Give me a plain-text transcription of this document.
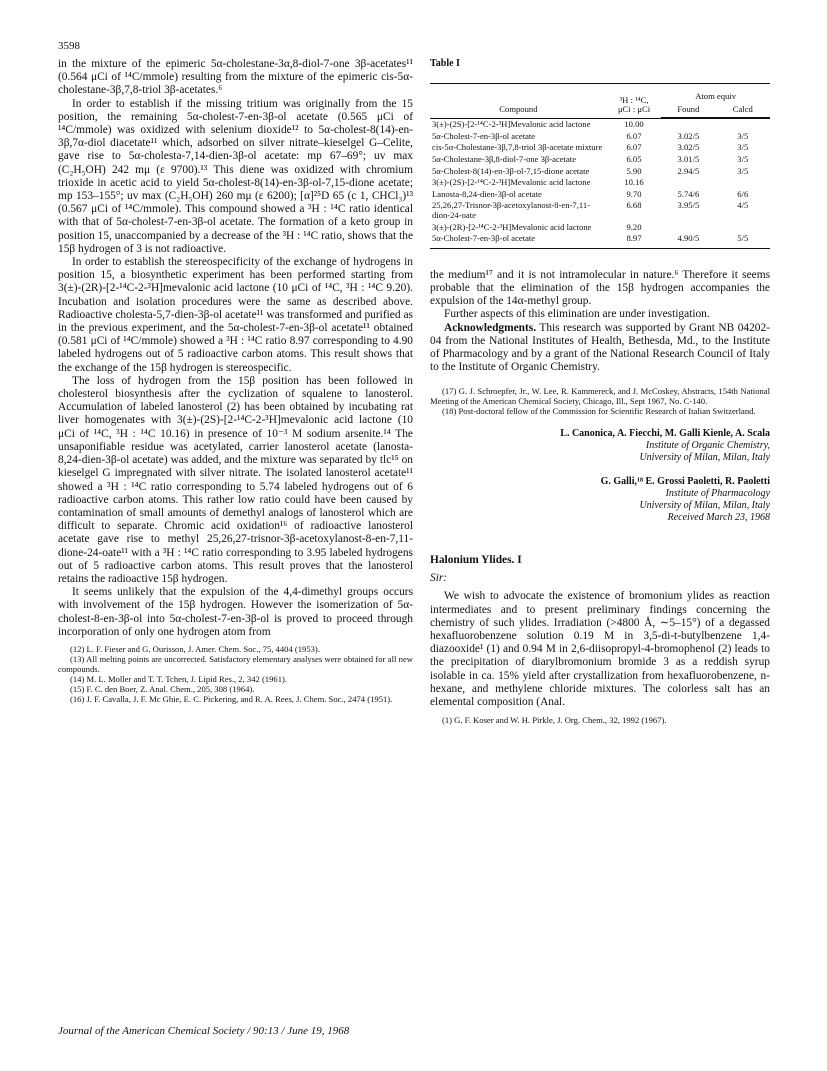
3598

in the mixture of the epimeric 5α-cholestane-3α,8-diol-7-one 3β-acetates¹¹ (0.564 μCi of ¹⁴C/mmole) resulting from the mixture of the epimeric cis-5α-cholestane-3β,7,8-triol 3β-acetates.⁶

In order to establish if the missing tritium was originally from the 15 position, the remaining 5α-cholest-7-en-3β-ol acetate (0.565 μCi of ¹⁴C/mmole) was oxidized with selenium dioxide¹² to 5α-cholest-8(14)-en-3β,7α-diol diacetate¹¹ which, adsorbed on silver nitrate–kieselgel G–Celite, gave rise to 5α-cholesta-7,14-dien-3β-ol acetate: mp 67–69°; uv max (C₂H₅OH) 242 mμ (ε 9700).¹³ This diene was oxidized with chromium trioxide in acetic acid to yield 5α-cholest-8(14)-en-3β-ol-7,15-dione acetate; mp 153–155°; uv max (C₂H₅OH) 260 mμ (ε 6200); [α]²⁵D 65 (c 1, CHCl₃)¹³ (0.567 μCi of ¹⁴C/mmole). This compound showed a ³H : ¹⁴C ratio identical with that of 5α-cholest-7-en-3β-ol acetate. The formation of a keto group in position 15, unaccompanied by a decrease of the ³H : ¹⁴C ratio, shows that the 15β hydrogen of 3 is not radioactive.

In order to establish the stereospecificity of the exchange of hydrogens in position 15, a biosynthetic experiment has been performed starting from 3(±)-(2R)-[2-¹⁴C-2-³H]mevalonic acid lactone (10 μCi of ¹⁴C, ³H : ¹⁴C 9.20). Incubation and isolation procedures were the same as described above. Radioactive cholesta-5,7-dien-3β-ol acetate¹¹ was transformed and purified as in the previous experiment, and the 5α-cholest-7-en-3β-ol acetate¹¹ obtained (0.581 μCi of ¹⁴C/mmole) showed a ³H : ¹⁴C ratio 8.97 corresponding to 4.90 labeled hydrogens out of 5 radioactive carbon atoms. This result shows that the exchange of the 15β hydrogen is stereospecific.

The loss of hydrogen from the 15β position has been followed in cholesterol biosynthesis after the cyclization of squalene to lanosterol. Accumulation of labeled lanosterol (2) has been obtained by incubating rat liver homogenates with 3(±)-(2S)-[2-¹⁴C-2-³H]mevalonic acid lactone (10 μCi of ¹⁴C, ³H : ¹⁴C 10.16) in presence of 10⁻³ M sodium arsenite.¹⁴ The unsaponifiable residue was acetylated, carrier lanosterol acetate (lanosta-8,24-dien-3β-ol acetate) was added, and the mixture was separated by tlc¹⁵ on kieselgel G impregnated with silver nitrate. The isolated lanosterol acetate¹¹ showed a ³H : ¹⁴C ratio corresponding to 5.74 labeled hydrogens out of 6 radioactive carbon atoms. This rather low ratio could have been caused by contamination of small amounts of demethyl analogs of lanosterol which are difficult to separate. Chromic acid oxidation¹⁶ of radioactive lanosterol acetate gave rise to methyl 25,26,27-trisnor-3β-acetoxylanost-8-en-7,11-dione-24-oate¹¹ with a ³H : ¹⁴C ratio corresponding to 3.95 labeled hydrogens out of 5 radioactive carbon atoms. This result proves that the lanosterol retains the radioactive 15β hydrogen.

It seems unlikely that the expulsion of the 4,4-dimethyl groups occurs with involvement of the 15β hydrogen. However the isomerization of 5α-cholest-8-en-3β-ol into 5α-cholest-7-en-3β-ol is proved to proceed through incorporation of only one hydrogen atom from

(12) L. F. Fieser and G. Ourisson, J. Amer. Chem. Soc., 75, 4404 (1953).

(13) All melting points are uncorrected. Satisfactory elementary analyses were obtained for all new compounds.

(14) M. L. Moller and T. T. Tchen, J. Lipid Res., 2, 342 (1961).

(15) F. C. den Boer, Z. Anal. Chem., 205, 308 (1964).

(16) J. F. Cavalla, J. F. Mc Ghie, E. C. Pickering, and R. A. Rees, J. Chem. Soc., 2474 (1951).

Table I

Compound	³H : ¹⁴C,
μCi : μCi	Atom equiv	
		Found	Calcd

3(±)-(2S)-[2-¹⁴C-2-³H]Mevalonic acid lactone	10.00		
5α-Cholest-7-en-3β-ol acetate	6.07	3.02/5	3/5
cis-5α-Cholestane-3β,7,8-triol 3β-acetate mixture	6.07	3.02/5	3/5
5α-Cholestane-3β,8-diol-7-one 3β-acetate	6.05	3.01/5	3/5
5α-Cholest-8(14)-en-3β-ol-7,15-dione acetate	5.90	2.94/5	3/5
3(±)-(2S)-[2-¹⁴C-2-³H]Mevalonic acid lactone	10.16		
Lanosta-8,24-dien-3β-ol acetate	9.70	5.74/6	6/6
25,26,27-Trisnor-3β-acetoxylanost-8-en-7,11-dion-24-oate	6.68	3.95/5	4/5
3(±)-(2R)-[2-¹⁴C-2-³H]Mevalonic acid lactone	9.20		
5α-Cholest-7-en-3β-ol acetate	8.97	4.90/5	5/5

the medium¹⁷ and it is not intramolecular in nature.⁶ Therefore it seems probable that the elimination of the 15β hydrogen accompanies the expulsion of the 14α-methyl group.

Further aspects of this elimination are under investigation.

Acknowledgments. This research was supported by Grant NB 04202-04 from the National Institutes of Health, Bethesda, Md., to the Institute of Pharmacology and by a grant of the National Research Council of Italy to the Institute of Organic Chemistry.

(17) G. J. Schroepfer, Jr., W. Lee, R. Kammereck, and J. McCoskey, Abstracts, 154th National Meeting of the American Chemical Society, Chicago, Ill., Sept 1967, No. C-140.

(18) Post-doctoral fellow of the Commission for Scientific Research of Italian Switzerland.

L. Canonica, A. Fiecchi, M. Galli Kienle, A. Scala

Institute of Organic Chemistry,

University of Milan, Milan, Italy

G. Galli,¹⁸ E. Grossi Paoletti, R. Paoletti

Institute of Pharmacology

University of Milan, Milan, Italy

Received March 23, 1968

Halonium Ylides. I

Sir:

We wish to advocate the existence of bromonium ylides as reaction intermediates and to present preliminary findings concerning the chemistry of such ylides. Irradiation (>4800 Å, ∼5–15°) of a degassed hexafluorobenzene solution 0.19 M in 3,5-di-t-butylbenzene 1,4-diazooxide¹ (1) and 0.94 M in 2,6-diisopropyl-4-bromophenol (2) leads to the precipitation of diarylbromonium bromide 3 as a reddish syrup isolable in ca. 15% yield after crystallization from hexafluorobenzene, n-hexane, and methylene chloride mixtures. The colorless salt has an elemental composition (Anal.

(1) G. F. Koser and W. H. Pirkle, J. Org. Chem., 32, 1992 (1967).

Journal of the American Chemical Society / 90:13 / June 19, 1968
